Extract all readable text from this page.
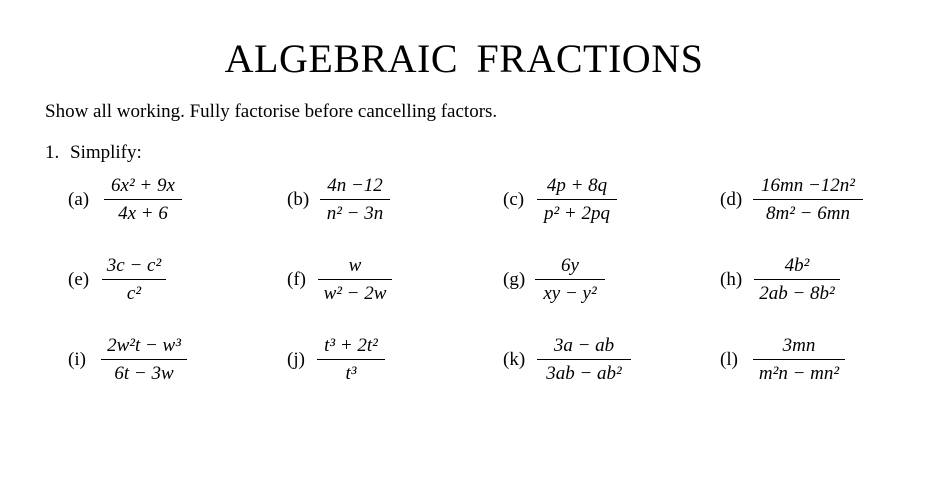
ALGEBRAIC FRACTIONS
Show all working. Fully factorise before cancelling factors.
1. Simplify:
(a)
6x² + 9x
4x + 6
(b)
4n −12
n² − 3n
(c)
4p + 8q
p² + 2pq
(d)
16mn −12n²
8m² − 6mn
(e)
3c − c²
c²
(f)
w
w² − 2w
(g)
6y
xy − y²
(h)
4b²
2ab − 8b²
(i)
2w²t − w³
6t − 3w
(j)
t³ + 2t²
t³
(k)
3a − ab
3ab − ab²
(l)
3mn
m²n − mn²
